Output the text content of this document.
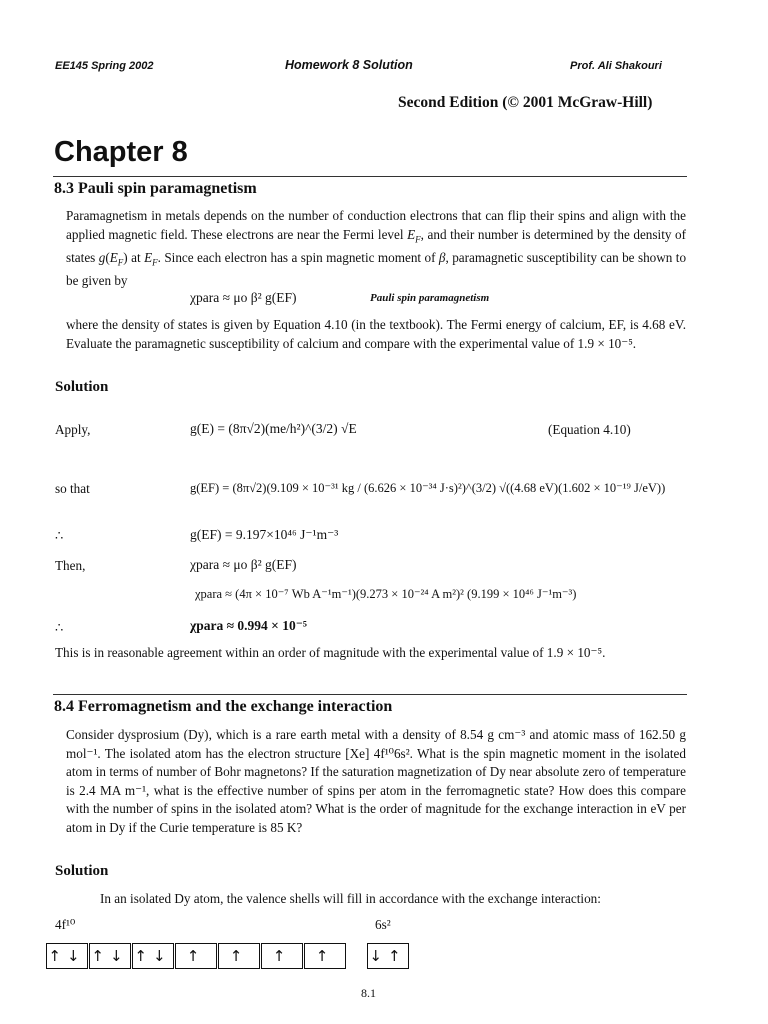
EE145 Spring 2002	Homework 8 Solution	Prof. Ali Shakouri
Second Edition (© 2001 McGraw-Hill)
Chapter 8
8.3 Pauli spin paramagnetism
Paramagnetism in metals depends on the number of conduction electrons that can flip their spins and align with the applied magnetic field. These electrons are near the Fermi level $E_F$, and their number is determined by the density of states $g(E_F)$ at $E_F$. Since each electron has a spin magnetic moment of β, paramagnetic susceptibility can be shown to be given by
χpara ≈ μo β² g(EF)	Pauli spin paramagnetism
where the density of states is given by Equation 4.10 (in the textbook). The Fermi energy of calcium, EF, is 4.68 eV. Evaluate the paramagnetic susceptibility of calcium and compare with the experimental value of 1.9 × 10⁻⁵.
Solution
Apply,	g(E) = (8π√2)(me/h²)^(3/2) √E	(Equation 4.10)
so that	g(EF) = (8π√2)(9.109 × 10⁻³¹ kg / (6.626 × 10⁻³⁴ J·s)²)^(3/2) √((4.68 eV)(1.602 × 10⁻¹⁹ J/eV))
∴	g(EF) = 9.197×10⁴⁶ J⁻¹m⁻³
Then,	χpara ≈ μo β² g(EF)
χpara ≈ (4π × 10⁻⁷ Wb A⁻¹m⁻¹)(9.273 × 10⁻²⁴ A m²)² (9.199 × 10⁴⁶ J⁻¹m⁻³)
∴	χpara ≈ 0.994 × 10⁻⁵
This is in reasonable agreement within an order of magnitude with the experimental value of 1.9 × 10⁻⁵.
8.4 Ferromagnetism and the exchange interaction
Consider dysprosium (Dy), which is a rare earth metal with a density of 8.54 g cm⁻³ and atomic mass of 162.50 g mol⁻¹. The isolated atom has the electron structure [Xe] 4f¹⁰6s². What is the spin magnetic moment in the isolated atom in terms of number of Bohr magnetons? If the saturation magnetization of Dy near absolute zero of temperature is 2.4 MA m⁻¹, what is the effective number of spins per atom in the ferromagnetic state? How does this compare with the number of spins in the isolated atom? What is the order of magnitude for the exchange interaction in eV per atom in Dy if the Curie temperature is 85 K?
Solution
In an isolated Dy atom, the valence shells will fill in accordance with the exchange interaction:
4f¹⁰	6s²
↑↓ ↑↓ ↑↓	↑	↑	↑	↑	↓↑
8.1
